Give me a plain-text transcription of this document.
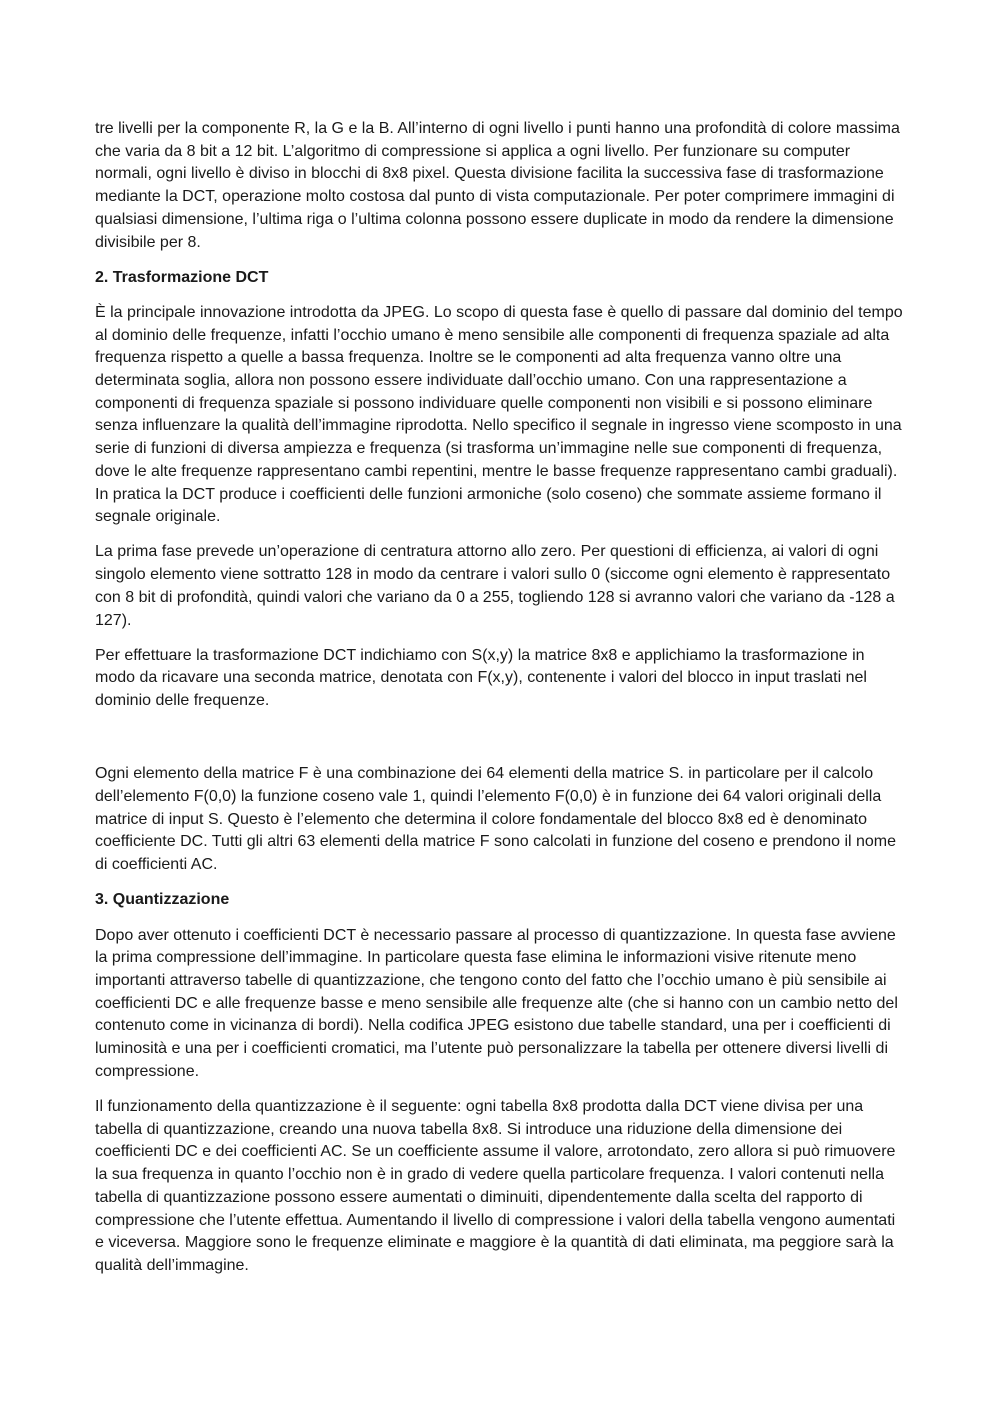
tre livelli per la componente R, la G e la B. All’interno di ogni livello i punti hanno una profondità di colore massima che varia da 8 bit a 12 bit. L’algoritmo di compressione si applica a ogni livello. Per funzionare su computer normali, ogni livello è diviso in blocchi di 8x8 pixel. Questa divisione facilita la successiva fase di trasformazione mediante la DCT, operazione molto costosa dal punto di vista computazionale. Per poter comprimere immagini di qualsiasi dimensione, l’ultima riga o l’ultima colonna possono essere duplicate in modo da rendere la dimensione divisibile per 8.

2. Trasformazione DCT

È la principale innovazione introdotta da JPEG. Lo scopo di questa fase è quello di passare dal dominio del tempo al dominio delle frequenze, infatti l’occhio umano è meno sensibile alle componenti di frequenza spaziale ad alta frequenza rispetto a quelle a bassa frequenza. Inoltre se le componenti ad alta frequenza vanno oltre una determinata soglia, allora non possono essere individuate dall’occhio umano. Con una rappresentazione a componenti di frequenza spaziale si possono individuare quelle componenti non visibili e si possono eliminare senza influenzare la qualità dell’immagine riprodotta. Nello specifico il segnale in ingresso viene scomposto in una serie di funzioni di diversa ampiezza e frequenza (si trasforma un’immagine nelle sue componenti di frequenza, dove le alte frequenze rappresentano cambi repentini, mentre le basse frequenze rappresentano cambi graduali). In pratica la DCT produce i coefficienti delle funzioni armoniche (solo coseno) che sommate assieme formano il segnale originale.

La prima fase prevede un’operazione di centratura attorno allo zero. Per questioni di efficienza, ai valori di ogni singolo elemento viene sottratto 128 in modo da centrare i valori sullo 0 (siccome ogni elemento è rappresentato con 8 bit di profondità, quindi valori che variano da 0 a 255, togliendo 128 si avranno valori che variano da -128 a 127).

Per effettuare la trasformazione DCT indichiamo con S(x,y) la matrice 8x8 e applichiamo la trasformazione in modo da ricavare una seconda matrice, denotata con F(x,y), contenente i valori del blocco in input traslati nel dominio delle frequenze.

Ogni elemento della matrice F è una combinazione dei 64 elementi della matrice S. in particolare per il calcolo dell’elemento F(0,0) la funzione coseno vale 1, quindi l’elemento F(0,0) è in funzione dei 64 valori originali della matrice di input S. Questo è l’elemento che determina il colore fondamentale del blocco 8x8 ed è denominato coefficiente DC. Tutti gli altri 63 elementi della matrice F sono calcolati in funzione del coseno e prendono il nome di coefficienti AC.

3. Quantizzazione

Dopo aver ottenuto i coefficienti DCT è necessario passare al processo di quantizzazione. In questa fase avviene la prima compressione dell’immagine. In particolare questa fase elimina le informazioni visive ritenute meno importanti attraverso tabelle di quantizzazione, che tengono conto del fatto che l’occhio umano è più sensibile ai coefficienti DC e alle frequenze basse e meno sensibile alle frequenze alte (che si hanno con un cambio netto del contenuto come in vicinanza di bordi). Nella codifica JPEG esistono due tabelle standard, una per i coefficienti di luminosità e una per i coefficienti cromatici, ma l’utente può personalizzare la tabella per ottenere diversi livelli di compressione.

Il funzionamento della quantizzazione è il seguente: ogni tabella 8x8 prodotta dalla DCT viene divisa per una tabella di quantizzazione, creando una nuova tabella 8x8. Si introduce una riduzione della dimensione dei coefficienti DC e dei coefficienti AC. Se un coefficiente assume il valore, arrotondato, zero allora si può rimuovere la sua frequenza in quanto l’occhio non è in grado di vedere quella particolare frequenza. I valori contenuti nella tabella di quantizzazione possono essere aumentati o diminuiti, dipendentemente dalla scelta del rapporto di compressione che l’utente effettua. Aumentando il livello di compressione i valori della tabella vengono aumentati e viceversa. Maggiore sono le frequenze eliminate e maggiore è la quantità di dati eliminata, ma peggiore sarà la qualità dell’immagine.
